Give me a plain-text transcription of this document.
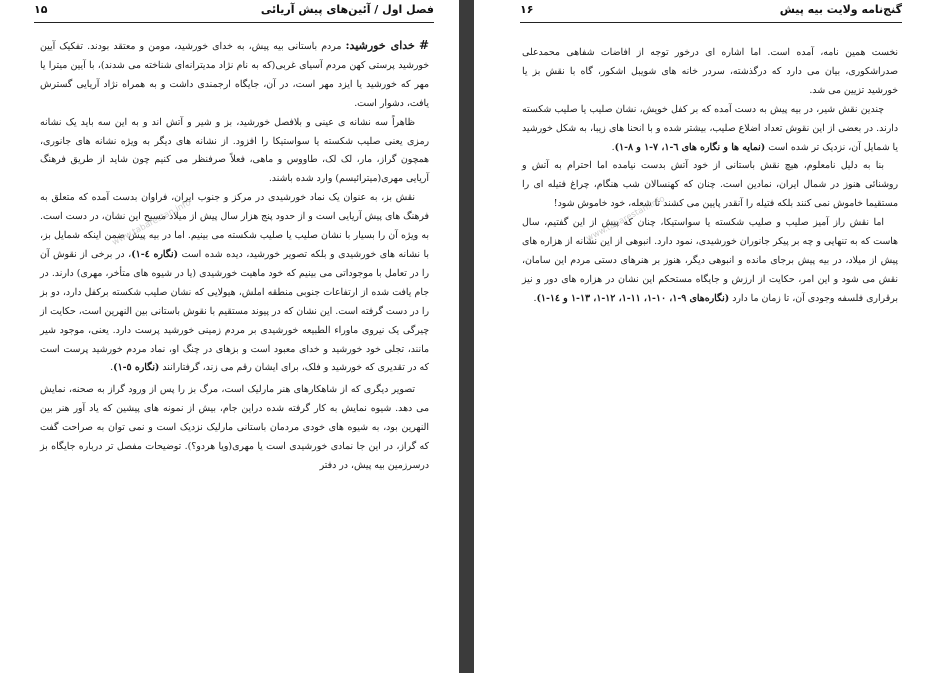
فصل اول / آئین‌های پیش آریائی
۱۵

# خدای خورشید: مردم باستانی بیه پیش، به خدای خورشید، مومن و معتقد بودند. تفکیک آیین خورشید پرستی کهن مردم آسیای غربی(که به نام نژاد مدیترانه‌ای شناخته می شدند)، با آیین میترا یا مهر که خورشید یا ایزد مهر است، در آن، جایگاه ارجمندی داشت و به همراه نژاد آریایی گسترش یافت، دشوار است.

ظاهراً سه نشانه ی عینی و بلافصل خورشید، بز و شیر و آتش اند و به این سه باید یک نشانه رمزی یعنی صلیب شکسته یا سواستیکا را افزود. از نشانه های دیگر به ویژه نشانه های جانوری، همچون گراز، مار، لک لک، طاووس و ماهی، فعلاً صرفنظر می کنیم چون شاید از طریق فرهنگ آریایی مهری(میترائیسم) وارد شده باشند.

نقش بز، به عنوان یک نماد خورشیدی در مرکز و جنوب ایران، فراوان بدست آمده که متعلق به فرهنگ های پیش آریایی است و از حدود پنج هزار سال پیش از میلاد مسیح این نشان، در دست است. به ویژه آن را بسیار با نشان صلیب یا صلیب شکسته می بینیم. اما در بیه پیش ضمن اینکه شمایل بز، با نشانه های خورشیدی و بلکه تصویر خورشید، دیده شده است (نگاره ٤-١)، در برخی از نقوش آن را در تعامل با موجوداتی می بینیم که خود ماهیت خورشیدی (یا در شیوه های متأخر، مهری) دارند. در جام یافت شده از ارتفاعات جنوبی منطقه املش، هیولایی که نشان صلیب شکسته برکفل دارد، دو بز را در دست گرفته است. این نشان که در پیوند مستقیم با نقوش باستانی بین النهرین است، حکایت از چیرگی یک نیروی ماوراء الطبیعه خورشیدی بر مردم زمینی خورشید پرست دارد. یعنی، موجود شیر مانند، تجلی خود خورشید و خدای معبود است و بزهای در چنگ او، نماد مردم خورشید پرست است که در تقدیری که خورشید و فلک، برای ایشان رقم می زند، گرفتارانند (نگاره ٥-١).

تصویر دیگری که از شاهکارهای هنر مارلیک است، مرگ بز را پس از ورود گراز به صحنه، نمایش می دهد. شیوه نمایش به کار گرفته شده دراین جام، بیش از نمونه های پیشین که یاد آور هنر بین النهرین بود، به شیوه های خودی مردمان باستانی مارلیک نزدیک است و نمی توان به صراحت گفت که گراز، در این جا نمادی خورشیدی است یا مهری(ویا هردو؟). توضیحات مفصل تر درباره جایگاه بز درسرزمین بیه پیش، در دفتر

www.tabarestan.info
گنج‌نامه ولایت بیه پیش
۱۶

نخست همین نامه، آمده است. اما اشاره ای درخور توجه از افاضات شفاهی محمدعلی صدراشکوری، بیان می دارد که درگذشته، سردر خانه های شویبل اشکور، گاه با نقش بز یا خورشید تزیین می شد.

چندین نقش شیر، در بیه پیش به دست آمده که بر کفل خویش، نشان صلیب یا صلیب شکسته دارند. در بعضی از این نقوش تعداد اضلاع صلیب، بیشتر شده و با انحنا های زیبا، به شکل خورشید یا شمایل آن، نزدیک تر شده است (نمایه ها و نگاره های ٦-١، ٧-١ و ٨-١).

بنا به دلیل نامعلوم، هیچ نقش باستانی از خود آتش بدست نیامده اما احترام به آتش و روشنائی هنوز در شمال ایران، نمادین است. چنان که کهنسالان شب هنگام، چراغ فتیله ای را مستقیما خاموش نمی کنند بلکه فتیله را آنقدر پایین می کشند تا شعله، خود خاموش شود!

اما نقش راز آمیز صلیب و صلیب شکسته یا سواستیکا، چنان که پیش از این گفتیم، سال هاست که به تنهایی و چه بر پیکر جانوران خورشیدی، نمود دارد. انبوهی از این نشانه از هزاره های پیش از میلاد، در بیه پیش برجای مانده و انبوهی دیگر، هنوز بر هنرهای دستی مردم این سامان، نقش می شود و این امر، حکایت از ارزش و جایگاه مستحکم این نشان در هزاره های دور و نیز برقراری فلسفه وجودی آن، تا زمان ما دارد (نگاره‌های ٩-١، ١٠-١، ١١-١، ١٢-١، ١٣-١ و ١٤-١).

www.tabarestan.info
